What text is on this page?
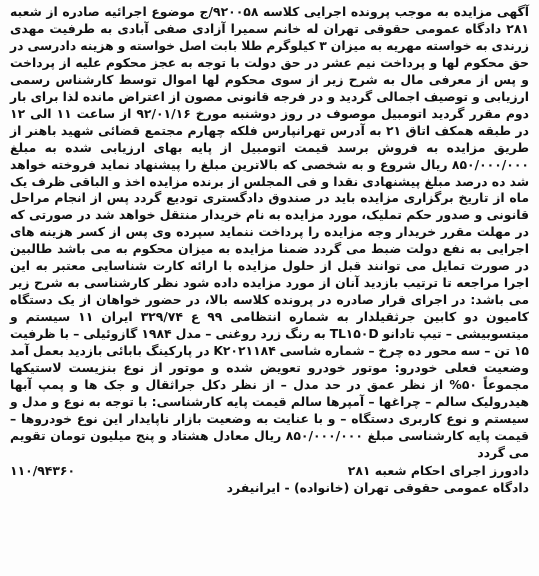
آگهی مزایده به موجب پرونده اجرایی کلاسه ۹۲۰۰۵۸/ج موضوع اجرائیه صادره از شعبه ۲۸۱ دادگاه عمومی حقوقی تهران له خانم سمیرا آزادی صفی آبادی به طرفیت مهدی زرندی به خواسته مهریه به میزان ۳ کیلوگرم طلا بابت اصل خواسته و هزینه دادرسی در حق محکوم لها و پرداخت نیم عشر در حق دولت با توجه به عجز محکوم علیه از پرداخت و پس از معرفی مال به شرح زیر از سوی محکوم لها اموال توسط کارشناس رسمی ارزیابی و توصیف اجمالی گردید و در فرجه قانونی مصون از اعتراض مانده لذا برای بار دوم مقرر گردید اتومبیل موصوف در روز دوشنبه مورخ ۹۲/۰۱/۱۶ از ساعت ۱۱ الی ۱۲ در طبقه همکف اتاق ۲۱ به آدرس تهرانپارس فلکه چهارم مجتمع قضائی شهید باهنر از طریق مزایده به فروش برسد قیمت اتومبیل از پایه بهای ارزیابی شده به مبلغ ۸۵۰/۰۰۰/۰۰۰ ریال شروع و به شخصی که بالاترین مبلغ را پیشنهاد نماید فروخته خواهد شد ده درصد مبلغ پیشنهادی نقدا و فی المجلس از برنده مزایده اخذ و الباقی ظرف یک ماه از تاریخ برگزاری مزایده باید در صندوق دادگستری تودیع گردد پس از انجام مراحل قانونی و صدور حکم تملیک، مورد مزایده به نام خریدار منتقل خواهد شد در صورتی که در مهلت مقرر خریدار وجه مزایده را پرداخت ننماید سپرده وی پس از کسر هزینه های اجرایی به نفع دولت ضبط می گردد ضمنا مزایده به میزان محکوم به می باشد طالبین در صورت تمایل می توانند قبل از حلول مزایده با ارائه کارت شناسایی معتبر به این اجرا مراجعه تا ترتیب بازدید آنان از مورد مزایده داده شود نظر کارشناسی به شرح زیر می باشد: در اجرای قرار صادره در پرونده کلاسه بالا، در حضور خواهان از یک دستگاه کامیون دو کابین جرثقیلدار به شماره انتظامی ۹۹ ع ۳۲۹/۷۴ ایران ۱۱ سیستم و میتسوبیشی – تیپ تادانو TL۱۵۰D به رنگ زرد روغنی – مدل ۱۹۸۴ گازوئیلی – با ظرفیت ۱۵ تن – سه محور ده چرخ – شماره شاسی K۲۰۲۱۱۸۴ در پارکینگ بابائی بازدید بعمل آمد وضعیت فعلی خودرو: موتور خودرو تعویض شده و موتور از نوع بنزیست لاستیکها مجموعاً ۵۰% از نظر عمق در حد مدل – از نظر دکل جراثقال و جک ها و پمپ آبها هیدرولیک سالم – چراغها – آمپرها سالم قیمت پایه کارشناسی: با توجه به نوع و مدل و سیستم و نوع کاربری دستگاه – و با عنایت به وضعیت بازار ناپایدار این نوع خودروها – قیمت پایه کارشناسی مبلغ ۸۵۰/۰۰۰/۰۰۰ ریال معادل هشتاد و پنج میلیون تومان تقویم می گردد

دادورز اجرای احکام شعبه ۲۸۱
۱۱۰/۹۴۳۶۰
دادگاه عمومی حقوقی تهران (خانواده) - ایرانیفرد
